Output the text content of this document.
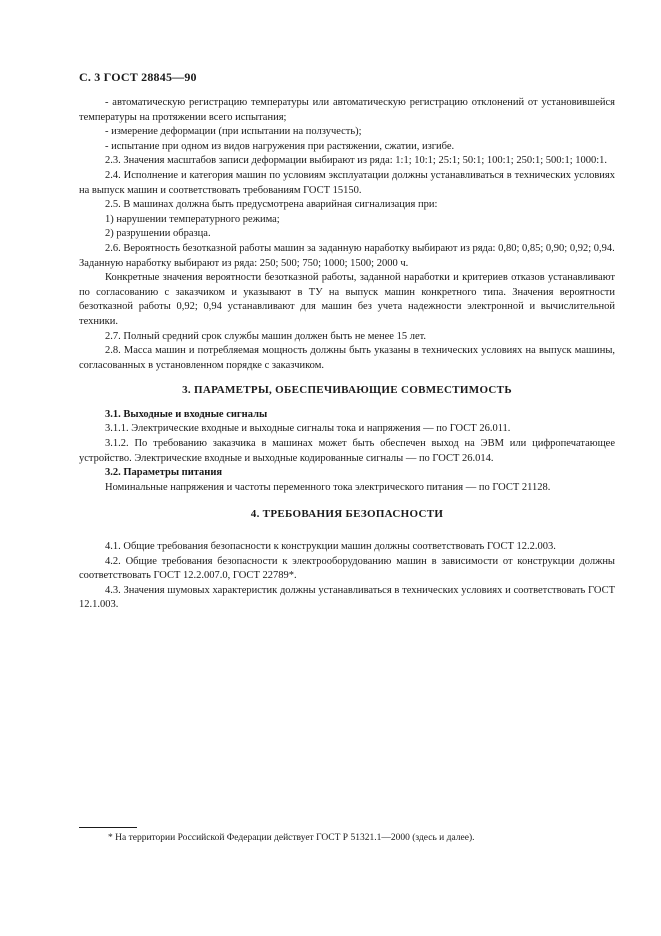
С. 3 ГОСТ 28845—90

- автоматическую регистрацию температуры или автоматическую регистрацию отклонений от установившейся температуры на протяжении всего испытания;

- измерение деформации (при испытании на ползучесть);

- испытание при одном из видов нагружения при растяжении, сжатии, изгибе.

2.3. Значения масштабов записи деформации выбирают из ряда: 1:1; 10:1; 25:1; 50:1; 100:1; 250:1; 500:1; 1000:1.

2.4. Исполнение и категория машин по условиям эксплуатации должны устанавливаться в технических условиях на выпуск машин и соответствовать требованиям ГОСТ 15150.

2.5. В машинах должна быть предусмотрена аварийная сигнализация при:

1) нарушении температурного режима;

2) разрушении образца.

2.6. Вероятность безотказной работы машин за заданную наработку выбирают из ряда: 0,80; 0,85; 0,90; 0,92; 0,94.

Заданную наработку выбирают из ряда: 250; 500; 750; 1000; 1500; 2000 ч.

Конкретные значения вероятности безотказной работы, заданной наработки и критериев отказов устанавливают по согласованию с заказчиком и указывают в ТУ на выпуск машин конкретного типа. Значения вероятности безотказной работы 0,92; 0,94 устанавливают для машин без учета надежности электронной и вычислительной техники.

2.7. Полный средний срок службы машин должен быть не менее 15 лет.

2.8. Масса машин и потребляемая мощность должны быть указаны в технических условиях на выпуск машины, согласованных в установленном порядке с заказчиком.

3. ПАРАМЕТРЫ, ОБЕСПЕЧИВАЮЩИЕ СОВМЕСТИМОСТЬ
3.1. Выходные и входные сигналы

3.1.1. Электрические входные и выходные сигналы тока и напряжения — по ГОСТ 26.011.

3.1.2. По требованию заказчика в машинах может быть обеспечен выход на ЭВМ или цифропечатающее устройство. Электрические входные и выходные кодированные сигналы — по ГОСТ 26.014.

3.2. Параметры питания

Номинальные напряжения и частоты переменного тока электрического питания — по ГОСТ 21128.

4. ТРЕБОВАНИЯ БЕЗОПАСНОСТИ

4.1. Общие требования безопасности к конструкции машин должны соответствовать ГОСТ 12.2.003.

4.2. Общие требования безопасности к электрооборудованию машин в зависимости от конструкции должны соответствовать ГОСТ 12.2.007.0, ГОСТ 22789*.

4.3. Значения шумовых характеристик должны устанавливаться в технических условиях и соответствовать ГОСТ 12.1.003.

* На территории Российской Федерации действует ГОСТ Р 51321.1—2000 (здесь и далее).
